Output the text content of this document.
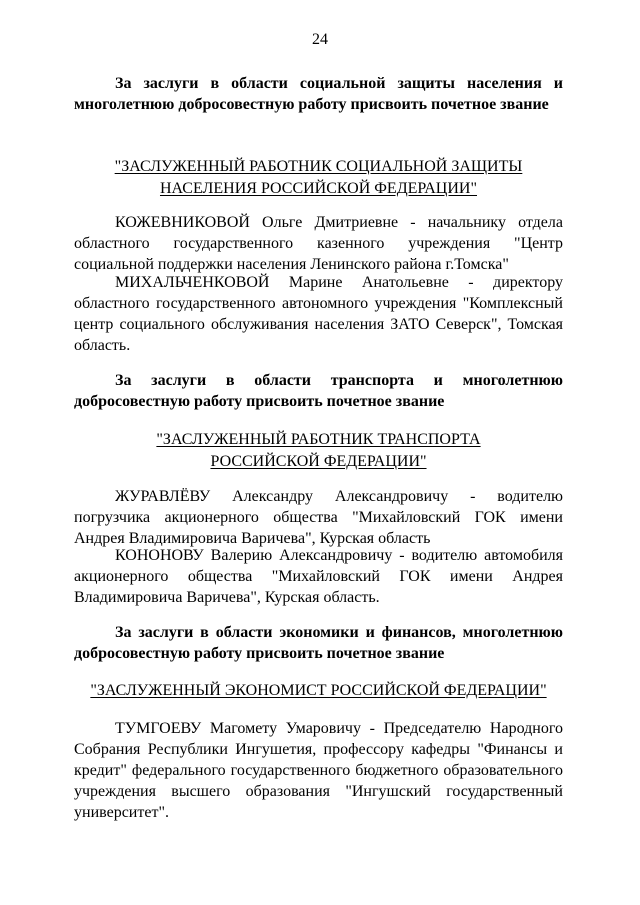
24
За заслуги в области социальной защиты населения и многолетнюю добросовестную работу присвоить почетное звание
"ЗАСЛУЖЕННЫЙ РАБОТНИК СОЦИАЛЬНОЙ ЗАЩИТЫ
НАСЕЛЕНИЯ РОССИЙСКОЙ ФЕДЕРАЦИИ"
КОЖЕВНИКОВОЙ Ольге Дмитриевне - начальнику отдела областного государственного казенного учреждения "Центр социальной поддержки населения Ленинского района г.Томска"
МИХАЛЬЧЕНКОВОЙ Марине Анатольевне - директору областного государственного автономного учреждения "Комплексный центр социального обслуживания населения ЗАТО Северск", Томская область.
За заслуги в области транспорта и многолетнюю добросовестную работу присвоить почетное звание
"ЗАСЛУЖЕННЫЙ РАБОТНИК ТРАНСПОРТА
РОССИЙСКОЙ ФЕДЕРАЦИИ"
ЖУРАВЛЁВУ Александру Александровичу - водителю погрузчика акционерного общества "Михайловский ГОК имени Андрея Владимировича Варичева", Курская область
КОНОНОВУ Валерию Александровичу - водителю автомобиля акционерного общества "Михайловский ГОК имени Андрея Владимировича Варичева", Курская область.
За заслуги в области экономики и финансов, многолетнюю добросовестную работу присвоить почетное звание
"ЗАСЛУЖЕННЫЙ ЭКОНОМИСТ РОССИЙСКОЙ ФЕДЕРАЦИИ"
ТУМГОЕВУ Магомету Умаровичу - Председателю Народного Собрания Республики Ингушетия, профессору кафедры "Финансы и кредит" федерального государственного бюджетного образовательного учреждения высшего образования "Ингушский государственный университет".
